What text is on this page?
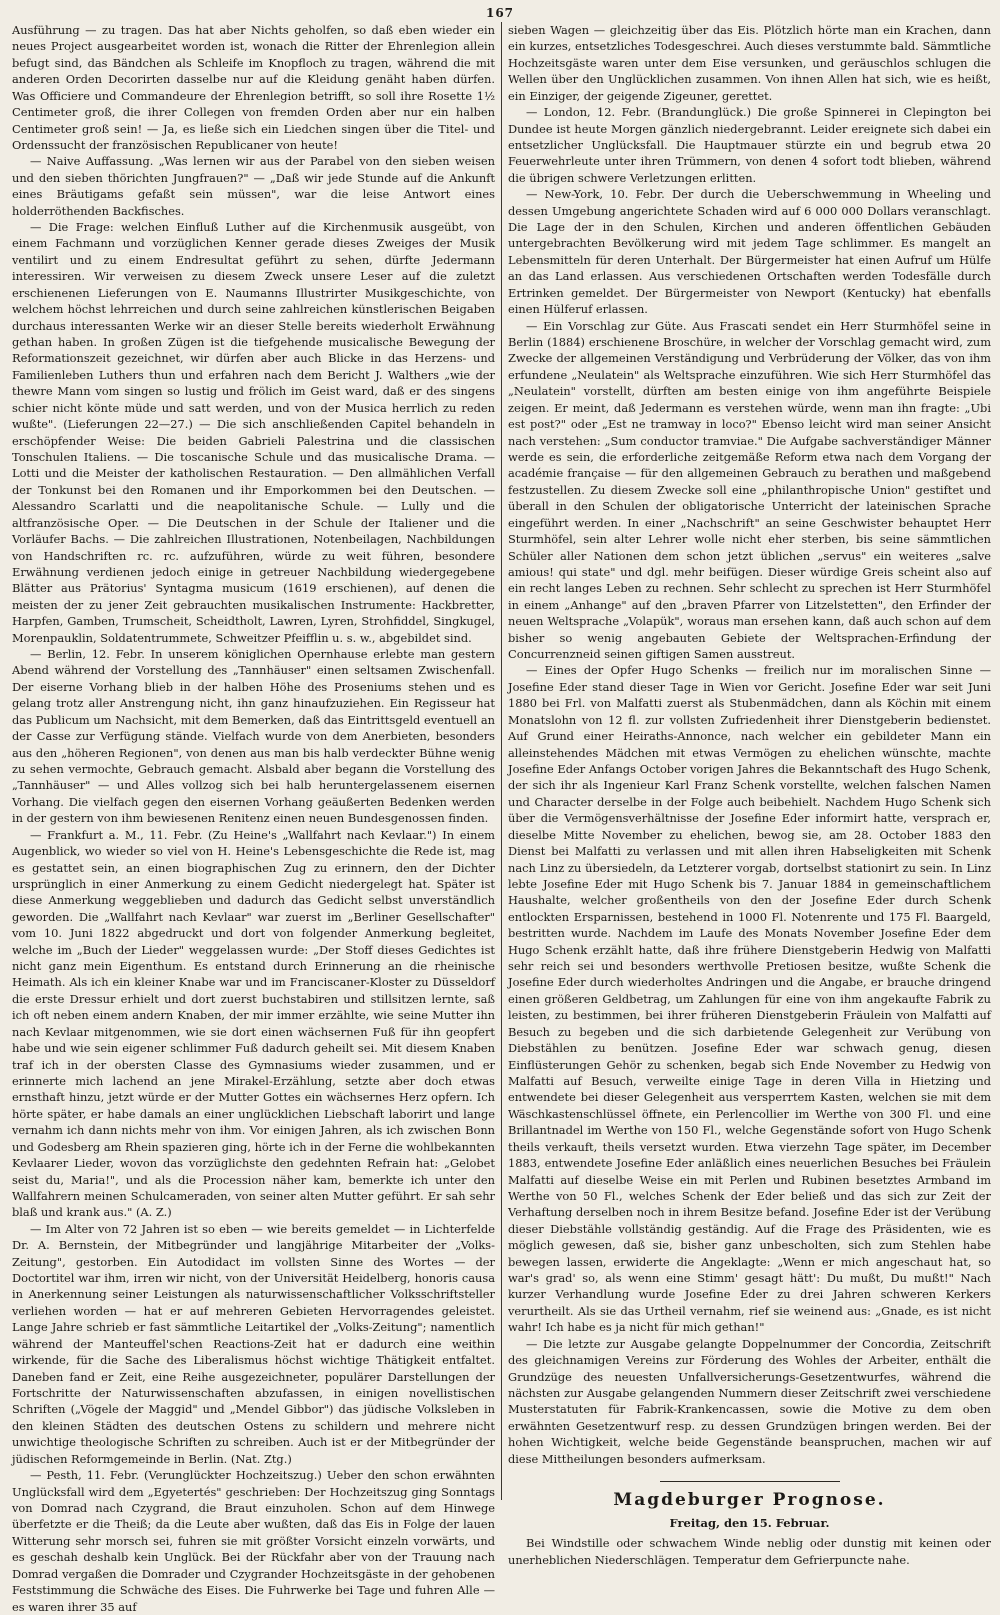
167

Ausführung — zu tragen. Das hat aber Nichts geholfen, so daß eben wieder ein neues Project ausgearbeitet worden ist, wonach die Ritter der Ehrenlegion allein befugt sind, das Bändchen als Schleife im Knopfloch zu tragen, während die mit anderen Orden Decorirten dasselbe nur auf die Kleidung genäht haben dürfen. Was Officiere und Commandeure der Ehrenlegion betrifft, so soll ihre Rosette 1½ Centimeter groß, die ihrer Collegen von fremden Orden aber nur ein halben Centimeter groß sein! — Ja, es ließe sich ein Liedchen singen über die Titel- und Ordenssucht der französischen Republicaner von heute!

— Naive Auffassung. „Was lernen wir aus der Parabel von den sieben weisen und den sieben thörichten Jungfrauen?" — „Daß wir jede Stunde auf die Ankunft eines Bräutigams gefaßt sein müssen", war die leise Antwort eines holderröthenden Backfisches.

— Die Frage: welchen Einfluß Luther auf die Kirchenmusik ausgeübt, von einem Fachmann und vorzüglichen Kenner gerade dieses Zweiges der Musik ventilirt und zu einem Endresultat geführt zu sehen, dürfte Jedermann interessiren. Wir verweisen zu diesem Zweck unsere Leser auf die zuletzt erschienenen Lieferungen von E. Naumanns Illustrirter Musikgeschichte, von welchem höchst lehrreichen und durch seine zahlreichen künstlerischen Beigaben durchaus interessanten Werke wir an dieser Stelle bereits wiederholt Erwähnung gethan haben. In großen Zügen ist die tiefgehende musicalische Bewegung der Reformationszeit gezeichnet, wir dürfen aber auch Blicke in das Herzens- und Familienleben Luthers thun und erfahren nach dem Bericht J. Walthers „wie der thewre Mann vom singen so lustig und frölich im Geist ward, daß er des singens schier nicht könte müde und satt werden, und von der Musica herrlich zu reden wußte". (Lieferungen 22—27.) — Die sich anschließenden Capitel behandeln in erschöpfender Weise: Die beiden Gabrieli Palestrina und die classischen Tonschulen Italiens. — Die toscanische Schule und das musicalische Drama. — Lotti und die Meister der katholischen Restauration. — Den allmählichen Verfall der Tonkunst bei den Romanen und ihr Emporkommen bei den Deutschen. — Alessandro Scarlatti und die neapolitanische Schule. — Lully und die altfranzösische Oper. — Die Deutschen in der Schule der Italiener und die Vorläufer Bachs. — Die zahlreichen Illustrationen, Notenbeilagen, Nachbildungen von Handschriften rc. rc. aufzuführen, würde zu weit führen, besondere Erwähnung verdienen jedoch einige in getreuer Nachbildung wiedergegebene Blätter aus Prätorius' Syntagma musicum (1619 erschienen), auf denen die meisten der zu jener Zeit gebrauchten musikalischen Instrumente: Hackbretter, Harpfen, Gamben, Trumscheit, Scheidtholt, Lawren, Lyren, Strohfiddel, Singkugel, Morenpauklin, Soldatentrummete, Schweitzer Pfeifflin u. s. w., abgebildet sind.

— Berlin, 12. Febr. In unserem königlichen Opernhause erlebte man gestern Abend während der Vorstellung des „Tannhäuser" einen seltsamen Zwischenfall. Der eiserne Vorhang blieb in der halben Höhe des Proseniums stehen und es gelang trotz aller Anstrengung nicht, ihn ganz hinaufzuziehen. Ein Regisseur hat das Publicum um Nachsicht, mit dem Bemerken, daß das Eintrittsgeld eventuell an der Casse zur Verfügung stände. Vielfach wurde von dem Anerbieten, besonders aus den „höheren Regionen", von denen aus man bis halb verdeckter Bühne wenig zu sehen vermochte, Gebrauch gemacht. Alsbald aber begann die Vorstellung des „Tannhäuser" — und Alles vollzog sich bei halb heruntergelassenem eisernen Vorhang. Die vielfach gegen den eisernen Vorhang geäußerten Bedenken werden in der gestern von ihm bewiesenen Renitenz einen neuen Bundesgenossen finden.

— Frankfurt a. M., 11. Febr. (Zu Heine's „Wallfahrt nach Kevlaar.") In einem Augenblick, wo wieder so viel von H. Heine's Lebensgeschichte die Rede ist, mag es gestattet sein, an einen biographischen Zug zu erinnern, den der Dichter ursprünglich in einer Anmerkung zu einem Gedicht niedergelegt hat. Später ist diese Anmerkung weggeblieben und dadurch das Gedicht selbst unverständlich geworden. Die „Wallfahrt nach Kevlaar" war zuerst im „Berliner Gesellschafter" vom 10. Juni 1822 abgedruckt und dort von folgender Anmerkung begleitet, welche im „Buch der Lieder" weggelassen wurde: „Der Stoff dieses Gedichtes ist nicht ganz mein Eigenthum. Es entstand durch Erinnerung an die rheinische Heimath. Als ich ein kleiner Knabe war und im Franciscaner-Kloster zu Düsseldorf die erste Dressur erhielt und dort zuerst buchstabiren und stillsitzen lernte, saß ich oft neben einem andern Knaben, der mir immer erzählte, wie seine Mutter ihn nach Kevlaar mitgenommen, wie sie dort einen wächsernen Fuß für ihn geopfert habe und wie sein eigener schlimmer Fuß dadurch geheilt sei. Mit diesem Knaben traf ich in der obersten Classe des Gymnasiums wieder zusammen, und er erinnerte mich lachend an jene Mirakel-Erzählung, setzte aber doch etwas ernsthaft hinzu, jetzt würde er der Mutter Gottes ein wächsernes Herz opfern. Ich hörte später, er habe damals an einer unglücklichen Liebschaft laborirt und lange vernahm ich dann nichts mehr von ihm. Vor einigen Jahren, als ich zwischen Bonn und Godesberg am Rhein spazieren ging, hörte ich in der Ferne die wohlbekannten Kevlaarer Lieder, wovon das vorzüglichste den gedehnten Refrain hat: „Gelobet seist du, Maria!", und als die Procession näher kam, bemerkte ich unter den Wallfahrern meinen Schulcameraden, von seiner alten Mutter geführt. Er sah sehr blaß und krank aus." (A. Z.)

— Im Alter von 72 Jahren ist so eben — wie bereits gemeldet — in Lichterfelde Dr. A. Bernstein, der Mitbegründer und langjährige Mitarbeiter der „Volks-Zeitung", gestorben. Ein Autodidact im vollsten Sinne des Wortes — der Doctortitel war ihm, irren wir nicht, von der Universität Heidelberg, honoris causa in Anerkennung seiner Leistungen als naturwissenschaftlicher Volksschriftsteller verliehen worden — hat er auf mehreren Gebieten Hervorragendes geleistet. Lange Jahre schrieb er fast sämmtliche Leitartikel der „Volks-Zeitung"; namentlich während der Manteuffel'schen Reactions-Zeit hat er dadurch eine weithin wirkende, für die Sache des Liberalismus höchst wichtige Thätigkeit entfaltet. Daneben fand er Zeit, eine Reihe ausgezeichneter, populärer Darstellungen der Fortschritte der Naturwissenschaften abzufassen, in einigen novellistischen Schriften („Vögele der Maggid" und „Mendel Gibbor") das jüdische Volksleben in den kleinen Städten des deutschen Ostens zu schildern und mehrere nicht unwichtige theologische Schriften zu schreiben. Auch ist er der Mitbegründer der jüdischen Reformgemeinde in Berlin. (Nat. Ztg.)

— Pesth, 11. Febr. (Verunglückter Hochzeitszug.) Ueber den schon erwähnten Unglücksfall wird dem „Egyetertés" geschrieben: Der Hochzeitszug ging Sonntags von Domrad nach Czygrand, die Braut einzuholen. Schon auf dem Hinwege überfetzte er die Theiß; da die Leute aber wußten, daß das Eis in Folge der lauen Witterung sehr morsch sei, fuhren sie mit größter Vorsicht einzeln vorwärts, und es geschah deshalb kein Unglück. Bei der Rückfahr aber von der Trauung nach Domrad vergaßen die Domrader und Czygrander Hochzeitsgäste in der gehobenen Feststimmung die Schwäche des Eises. Die Fuhrwerke bei Tage und fuhren Alle — es waren ihrer 35 auf

sieben Wagen — gleichzeitig über das Eis. Plötzlich hörte man ein Krachen, dann ein kurzes, entsetzliches Todesgeschrei. Auch dieses verstummte bald. Sämmtliche Hochzeitsgäste waren unter dem Eise versunken, und geräuschlos schlugen die Wellen über den Unglücklichen zusammen. Von ihnen Allen hat sich, wie es heißt, ein Einziger, der geigende Zigeuner, gerettet.

— London, 12. Febr. (Brandunglück.) Die große Spinnerei in Clepington bei Dundee ist heute Morgen gänzlich niedergebrannt. Leider ereignete sich dabei ein entsetzlicher Unglücksfall. Die Hauptmauer stürzte ein und begrub etwa 20 Feuerwehrleute unter ihren Trümmern, von denen 4 sofort todt blieben, während die übrigen schwere Verletzungen erlitten.

— New-York, 10. Febr. Der durch die Ueberschwemmung in Wheeling und dessen Umgebung angerichtete Schaden wird auf 6 000 000 Dollars veranschlagt. Die Lage der in den Schulen, Kirchen und anderen öffentlichen Gebäuden untergebrachten Bevölkerung wird mit jedem Tage schlimmer. Es mangelt an Lebensmitteln für deren Unterhalt. Der Bürgermeister hat einen Aufruf um Hülfe an das Land erlassen. Aus verschiedenen Ortschaften werden Todesfälle durch Ertrinken gemeldet. Der Bürgermeister von Newport (Kentucky) hat ebenfalls einen Hülferuf erlassen.

— Ein Vorschlag zur Güte. Aus Frascati sendet ein Herr Sturmhöfel seine in Berlin (1884) erschienene Broschüre, in welcher der Vorschlag gemacht wird, zum Zwecke der allgemeinen Verständigung und Verbrüderung der Völker, das von ihm erfundene „Neulatein" als Weltsprache einzuführen. Wie sich Herr Sturmhöfel das „Neulatein" vorstellt, dürften am besten einige von ihm angeführte Beispiele zeigen. Er meint, daß Jedermann es verstehen würde, wenn man ihn fragte: „Ubi est post?" oder „Est ne tramway in loco?" Ebenso leicht wird man seiner Ansicht nach verstehen: „Sum conductor tramviae." Die Aufgabe sachverständiger Männer werde es sein, die erforderliche zeitgemäße Reform etwa nach dem Vorgang der académie française — für den allgemeinen Gebrauch zu berathen und maßgebend festzustellen. Zu diesem Zwecke soll eine „philanthropische Union" gestiftet und überall in den Schulen der obligatorische Unterricht der lateinischen Sprache eingeführt werden. In einer „Nachschrift" an seine Geschwister behauptet Herr Sturmhöfel, sein alter Lehrer wolle nicht eher sterben, bis seine sämmtlichen Schüler aller Nationen dem schon jetzt üblichen „servus" ein weiteres „salve amious! qui state" und dgl. mehr beifügen. Dieser würdige Greis scheint also auf ein recht langes Leben zu rechnen. Sehr schlecht zu sprechen ist Herr Sturmhöfel in einem „Anhange" auf den „braven Pfarrer von Litzelstetten", den Erfinder der neuen Weltsprache „Volapük", woraus man ersehen kann, daß auch schon auf dem bisher so wenig angebauten Gebiete der Weltsprachen-Erfindung der Concurrenzneid seinen giftigen Samen ausstreut.

— Eines der Opfer Hugo Schenks — freilich nur im moralischen Sinne — Josefine Eder stand dieser Tage in Wien vor Gericht. Josefine Eder war seit Juni 1880 bei Frl. von Malfatti zuerst als Stubenmädchen, dann als Köchin mit einem Monatslohn von 12 fl. zur vollsten Zufriedenheit ihrer Dienstgeberin bedienstet. Auf Grund einer Heiraths-Annonce, nach welcher ein gebildeter Mann ein alleinstehendes Mädchen mit etwas Vermögen zu ehelichen wünschte, machte Josefine Eder Anfangs October vorigen Jahres die Bekanntschaft des Hugo Schenk, der sich ihr als Ingenieur Karl Franz Schenk vorstellte, welchen falschen Namen und Character derselbe in der Folge auch beibehielt. Nachdem Hugo Schenk sich über die Vermögensverhältnisse der Josefine Eder informirt hatte, versprach er, dieselbe Mitte November zu ehelichen, bewog sie, am 28. October 1883 den Dienst bei Malfatti zu verlassen und mit allen ihren Habseligkeiten mit Schenk nach Linz zu übersiedeln, da Letzterer vorgab, dortselbst stationirt zu sein. In Linz lebte Josefine Eder mit Hugo Schenk bis 7. Januar 1884 in gemeinschaftlichem Haushalte, welcher großentheils von den der Josefine Eder durch Schenk entlockten Ersparnissen, bestehend in 1000 Fl. Notenrente und 175 Fl. Baargeld, bestritten wurde. Nachdem im Laufe des Monats November Josefine Eder dem Hugo Schenk erzählt hatte, daß ihre frühere Dienstgeberin Hedwig von Malfatti sehr reich sei und besonders werthvolle Pretiosen besitze, wußte Schenk die Josefine Eder durch wiederholtes Andringen und die Angabe, er brauche dringend einen größeren Geldbetrag, um Zahlungen für eine von ihm angekaufte Fabrik zu leisten, zu bestimmen, bei ihrer früheren Dienstgeberin Fräulein von Malfatti auf Besuch zu begeben und die sich darbietende Gelegenheit zur Verübung von Diebstählen zu benützen. Josefine Eder war schwach genug, diesen Einflüsterungen Gehör zu schenken, begab sich Ende November zu Hedwig von Malfatti auf Besuch, verweilte einige Tage in deren Villa in Hietzing und entwendete bei dieser Gelegenheit aus versperrtem Kasten, welchen sie mit dem Wäschkastenschlüssel öffnete, ein Perlencollier im Werthe von 300 Fl. und eine Brillantnadel im Werthe von 150 Fl., welche Gegenstände sofort von Hugo Schenk theils verkauft, theils versetzt wurden. Etwa vierzehn Tage später, im December 1883, entwendete Josefine Eder anläßlich eines neuerlichen Besuches bei Fräulein Malfatti auf dieselbe Weise ein mit Perlen und Rubinen besetztes Armband im Werthe von 50 Fl., welches Schenk der Eder beließ und das sich zur Zeit der Verhaftung derselben noch in ihrem Besitze befand. Josefine Eder ist der Verübung dieser Diebstähle vollständig geständig. Auf die Frage des Präsidenten, wie es möglich gewesen, daß sie, bisher ganz unbescholten, sich zum Stehlen habe bewegen lassen, erwiderte die Angeklagte: „Wenn er mich angeschaut hat, so war's grad' so, als wenn eine Stimm' gesagt hätt': Du mußt, Du mußt!" Nach kurzer Verhandlung wurde Josefine Eder zu drei Jahren schweren Kerkers verurtheilt. Als sie das Urtheil vernahm, rief sie weinend aus: „Gnade, es ist nicht wahr! Ich habe es ja nicht für mich gethan!"

— Die letzte zur Ausgabe gelangte Doppelnummer der Concordia, Zeitschrift des gleichnamigen Vereins zur Förderung des Wohles der Arbeiter, enthält die Grundzüge des neuesten Unfallversicherungs-Gesetzentwurfes, während die nächsten zur Ausgabe gelangenden Nummern dieser Zeitschrift zwei verschiedene Musterstatuten für Fabrik-Krankencassen, sowie die Motive zu dem oben erwähnten Gesetzentwurf resp. zu dessen Grundzügen bringen werden. Bei der hohen Wichtigkeit, welche beide Gegenstände beanspruchen, machen wir auf diese Mittheilungen besonders aufmerksam.

Magdeburger Prognose.
Freitag, den 15. Februar.

Bei Windstille oder schwachem Winde neblig oder dunstig mit keinen oder unerheblichen Niederschlägen. Temperatur dem Gefrierpuncte nahe.
